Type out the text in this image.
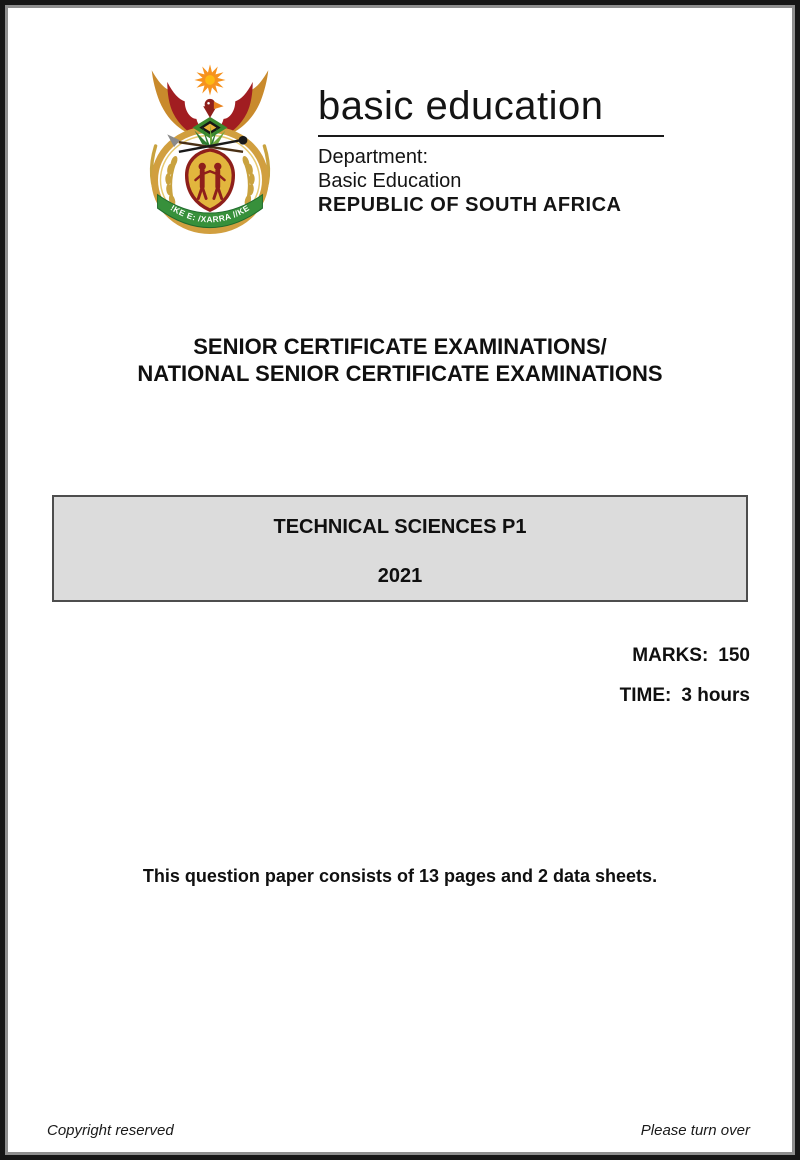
!KE E: /XARRA //KE
basic education
Department:
Basic Education
REPUBLIC OF SOUTH AFRICA
SENIOR CERTIFICATE EXAMINATIONS/
NATIONAL SENIOR CERTIFICATE EXAMINATIONS
TECHNICAL SCIENCES P1
2021
MARKS: 150
TIME: 3 hours
This question paper consists of 13 pages and 2 data sheets.
Copyright reserved	Please turn over
